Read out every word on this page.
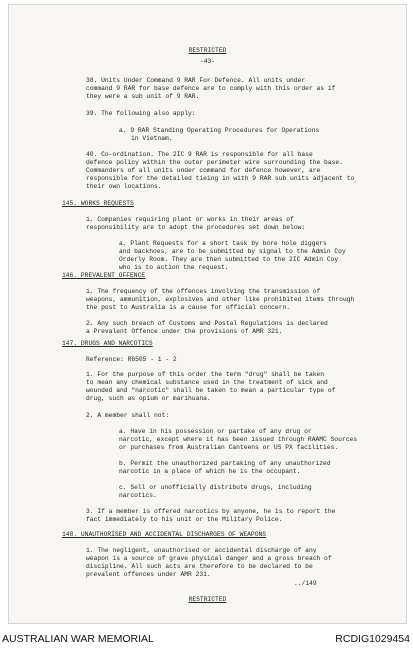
RESTRICTED
-43-
38. Units Under Command 9 RAR For Defence. All units under
command 9 RAR for base defence are to comply with this order as if
they were a sub unit of 9 RAR.
39. The following also apply:
a. 9 RAR Standing Operating Procedures for Operations
in Vietnam.
40. Co-ordination. The 2IC 9 RAR is responsible for all base
defence policy within the outer perimeter wire surrounding the base.
Commanders of all units under command for defence however, are
responsible for the detailed tieing in with 9 RAR sub units adjacent to
their own locations.
145. WORKS REQUESTS
1. Companies requiring plant or works in their areas of
responsibility are to adopt the procedures set down below:
a. Plant Requests for a short task by bore hole diggers
and backhoes, are to be submitted by signal to the Admin Coy
Orderly Room. They are then submitted to the 2IC Admin Coy
who is to action the request.
146. PREVALENT OFFENCE
1. The frequency of the offences involving the transmission of
weapons, ammunition, explosives and other like prohibited items through
the post to Australia is a cause for official concern.
2. Any such breach of Customs and Postal Regulations is declared
a Prevalent Offence under the provisions of AMR 321.
147. DRUGS AND NARCOTICS
Reference: R6505 - 1 - 2
1. For the purpose of this order the term "drug" shall be taken
to mean any chemical substance used in the treatment of sick and
wounded and "narcotic" shall be taken to mean a particular type of
drug, such as opium or marihuana.
2. A member shall not:
a. Have in his possession or partake of any drug or
narcotic, except where it has been issued through RAAMC Sources
or purchases from Australian Canteens or US PX facilities.
b. Permit the unauthorized partaking of any unauthorized
narcotic in a place of which he is the occupant.
c. Sell or unofficially distribute drugs, including
narcotics.
3. If a member is offered narcotics by anyone, he is to report the
fact immediately to his unit or the Military Police.
148. UNAUTHORISED AND ACCIDENTAL DISCHARGES OF WEAPONS
1. The negligent, unauthorised or accidental discharge of any
weapon is a source of grave physical danger and a gross breach of
discipline. All such acts are therefore to be declared to be
prevalent offences under AMR 231.
../149
RESTRICTED
AUSTRALIAN WAR MEMORIAL	RCDIG1029454
